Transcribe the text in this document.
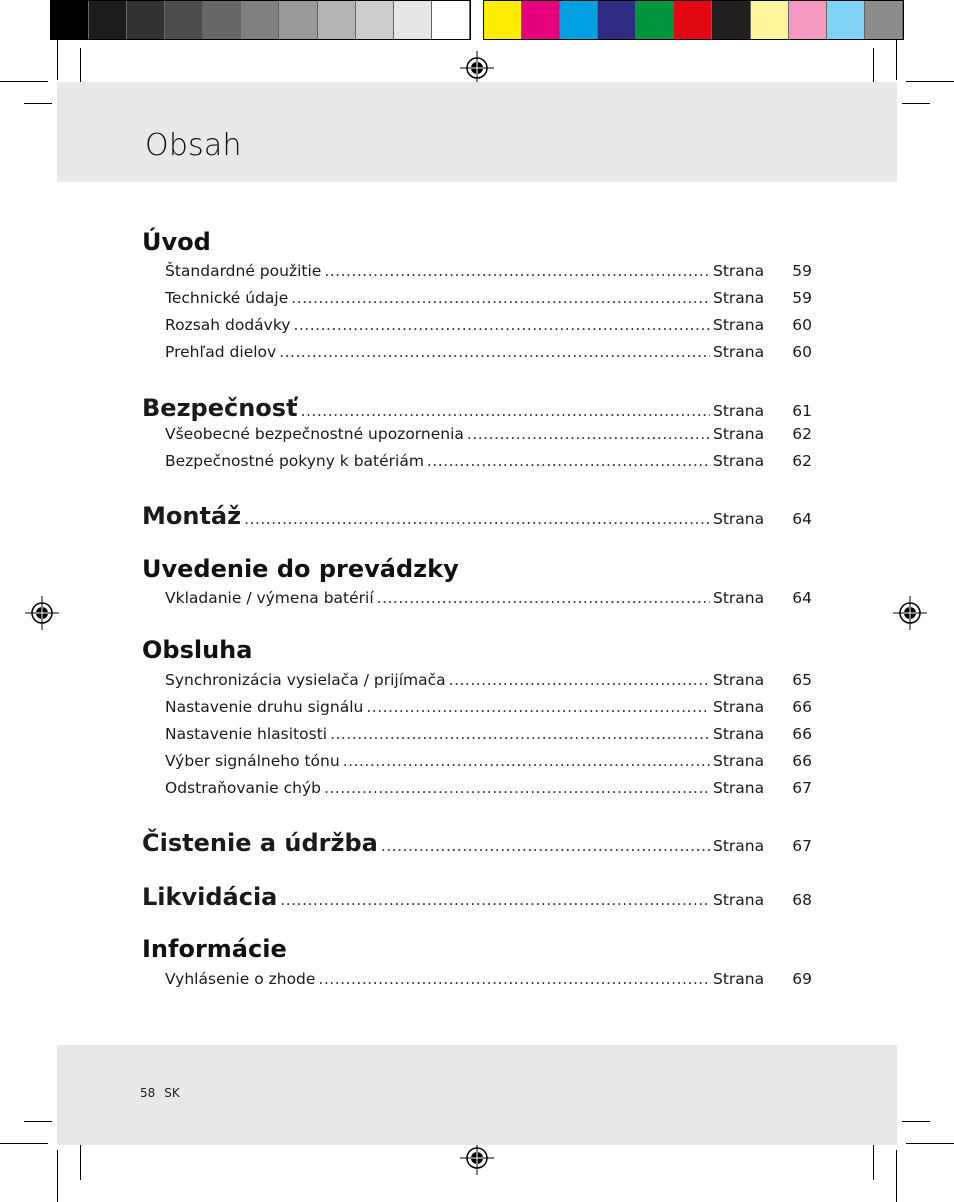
Obsah
Úvod
Štandardné použitie .....	Strana	59
Technické údaje .....	Strana	59
Rozsah dodávky .....	Strana	60
Prehľad dielov .....	Strana	60
Bezpečnosť .....	Strana	61
Všeobecné bezpečnostné upozornenia .....	Strana	62
Bezpečnostné pokyny k batériám .....	Strana	62
Montáž .....	Strana	64
Uvedenie do prevádzky
Vkladanie / výmena batérií .....	Strana	64
Obsluha
Synchronizácia vysielača / prijímača .....	Strana	65
Nastavenie druhu signálu .....	Strana	66
Nastavenie hlasitosti .....	Strana	66
Výber signálneho tónu .....	Strana	66
Odstraňovanie chýb .....	Strana	67
Čistenie a údržba .....	Strana	67
Likvidácia .....	Strana	68
Informácie
Vyhlásenie o zhode .....	Strana	69
58 SK
